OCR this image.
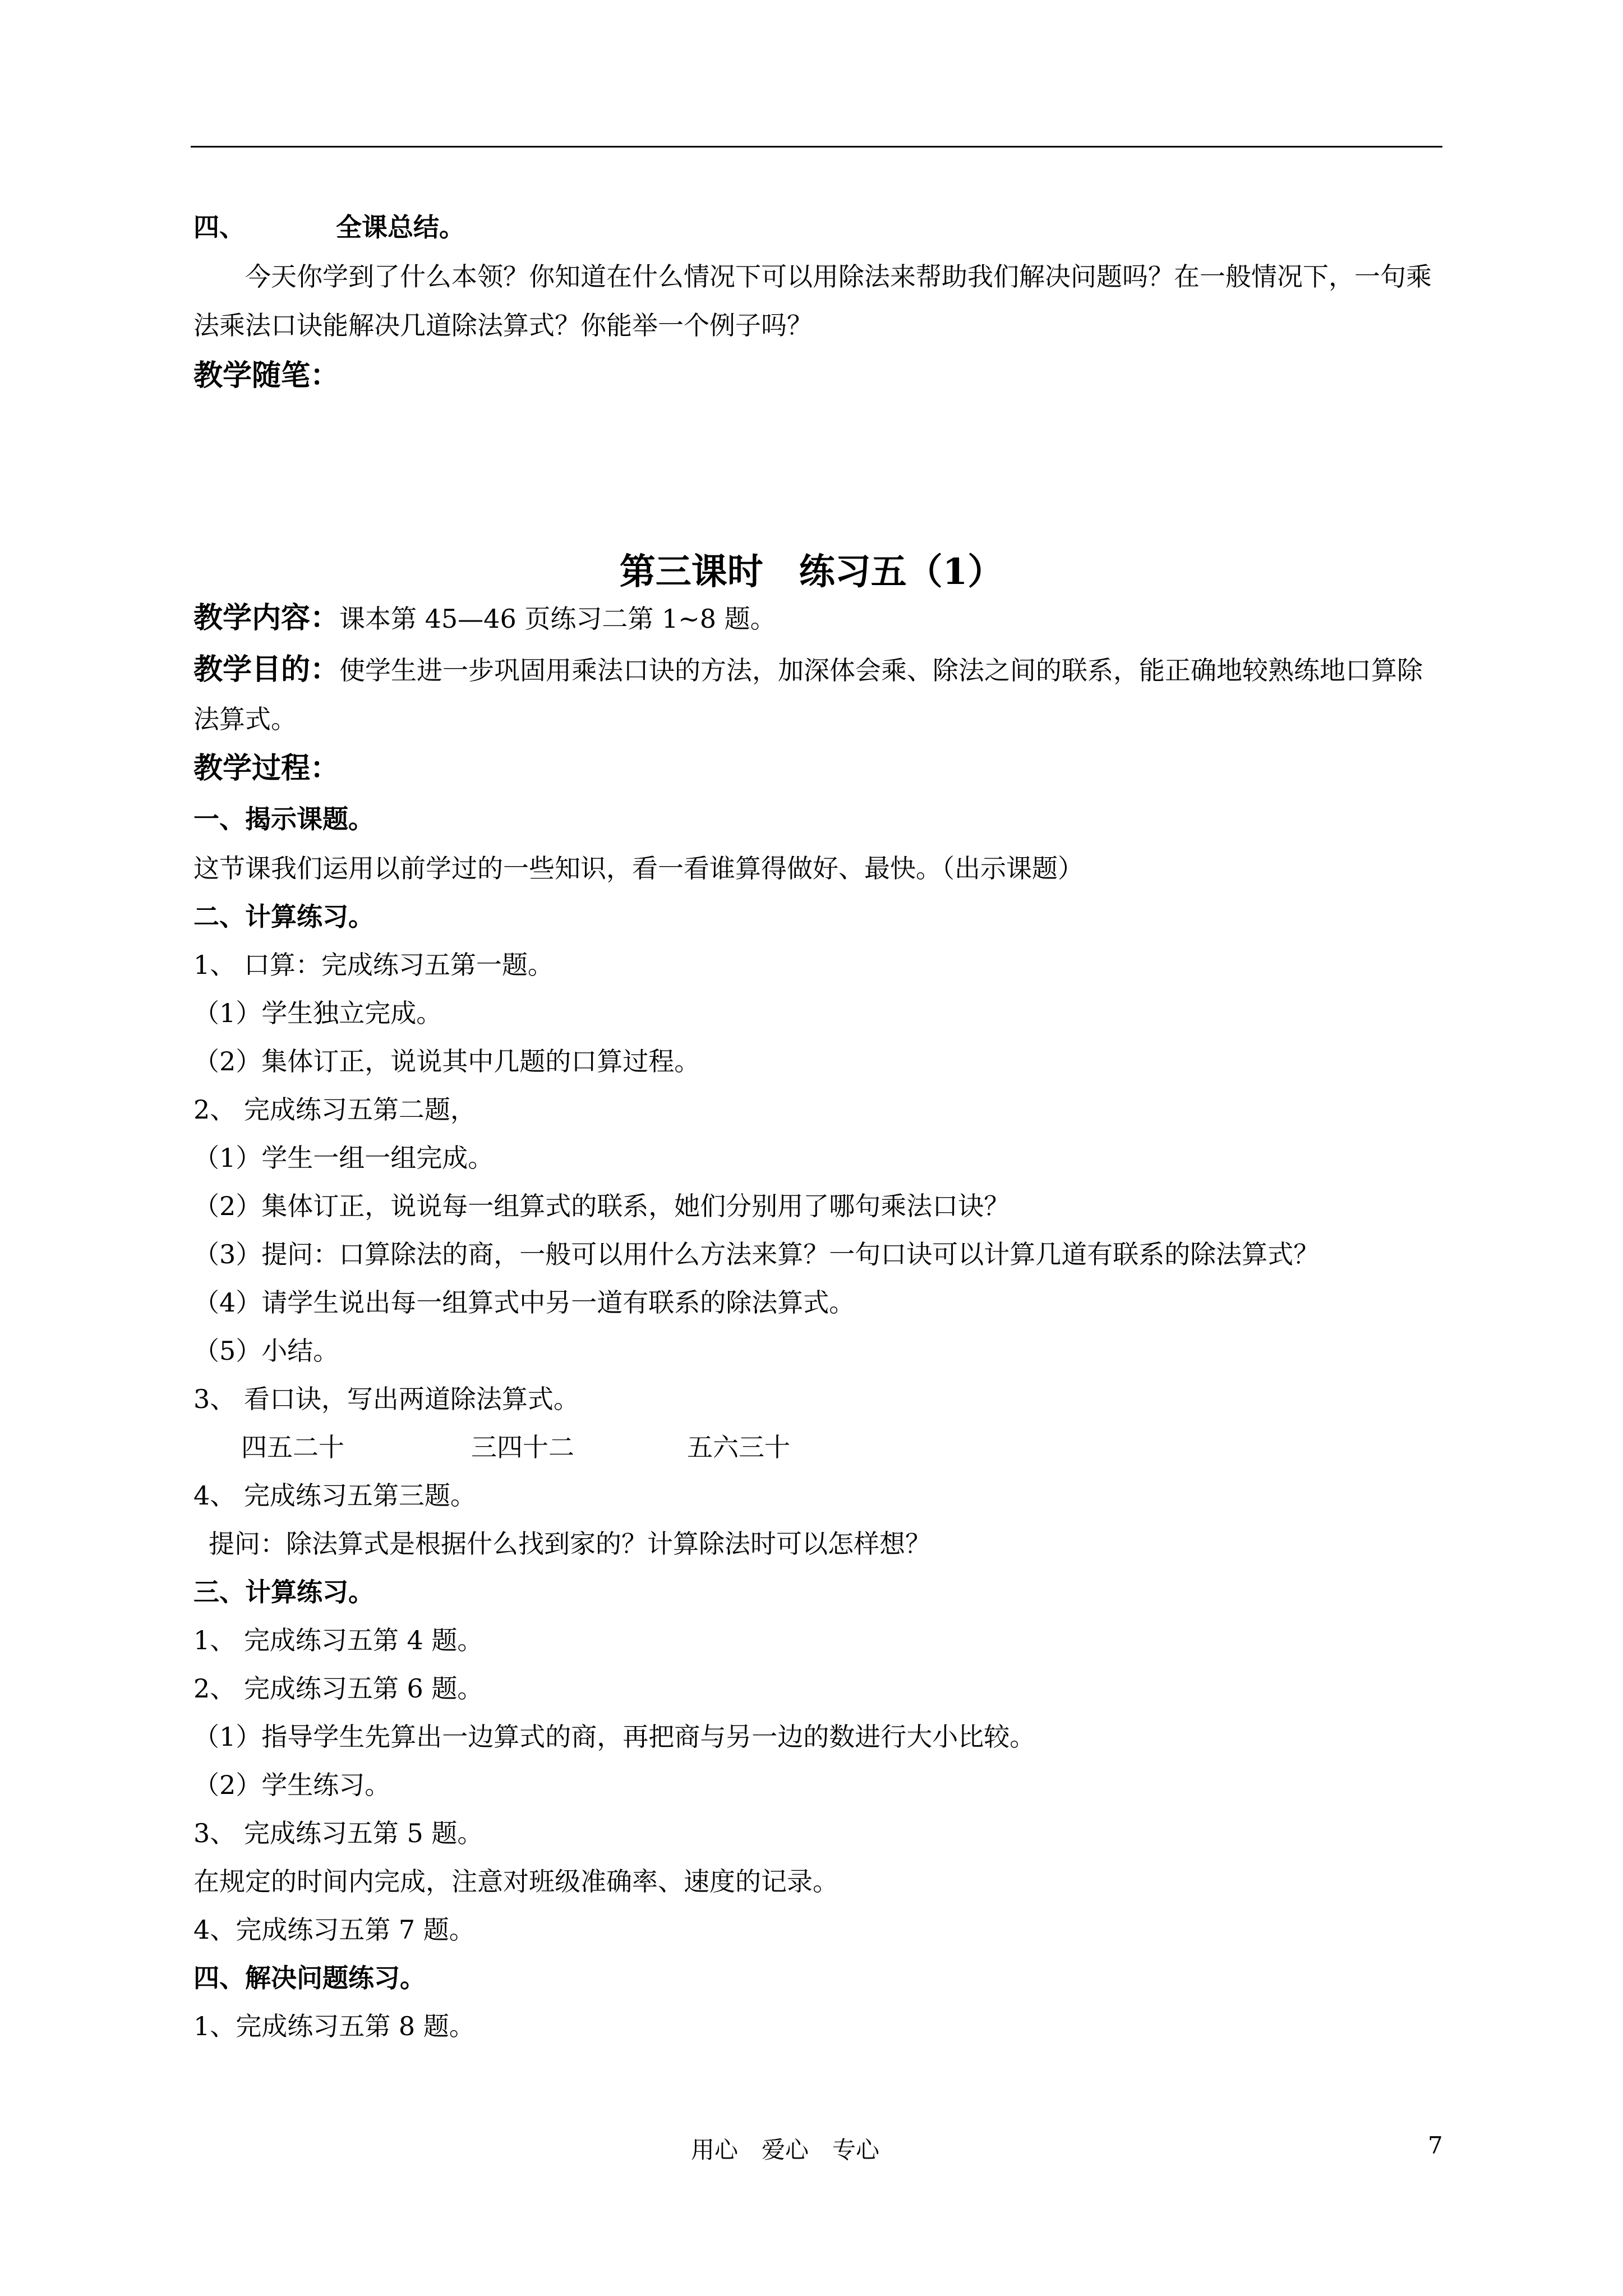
四、	全课总结。
今天你学到了什么本领？你知道在什么情况下可以用除法来帮助我们解决问题吗？在一般情况下，一句乘法乘法口诀能解决几道除法算式？你能举一个例子吗？
教学随笔：
第三课时　练习五（1）
教学内容：课本第 45—46 页练习二第 1~8 题。
教学目的：使学生进一步巩固用乘法口诀的方法，加深体会乘、除法之间的联系，能正确地较熟练地口算除法算式。
教学过程：
一、揭示课题。
这节课我们运用以前学过的一些知识，看一看谁算得做好、最快。（出示课题）
二、计算练习。
1、 口算：完成练习五第一题。
（1）学生独立完成。
（2）集体订正，说说其中几题的口算过程。
2、 完成练习五第二题，
（1）学生一组一组完成。
（2）集体订正，说说每一组算式的联系，她们分别用了哪句乘法口诀？
（3）提问：口算除法的商，一般可以用什么方法来算？一句口诀可以计算几道有联系的除法算式？
（4）请学生说出每一组算式中另一道有联系的除法算式。
（5）小结。
3、 看口诀，写出两道除法算式。
四五二十	三四十二	五六三十
4、 完成练习五第三题。
提问：除法算式是根据什么找到家的？计算除法时可以怎样想？
三、计算练习。
1、 完成练习五第 4 题。
2、 完成练习五第 6 题。
（1）指导学生先算出一边算式的商，再把商与另一边的数进行大小比较。
（2）学生练习。
3、 完成练习五第 5 题。
在规定的时间内完成，注意对班级准确率、速度的记录。
4、完成练习五第 7 题。
四、解决问题练习。
1、完成练习五第 8 题。
用心　爱心　专心	7
